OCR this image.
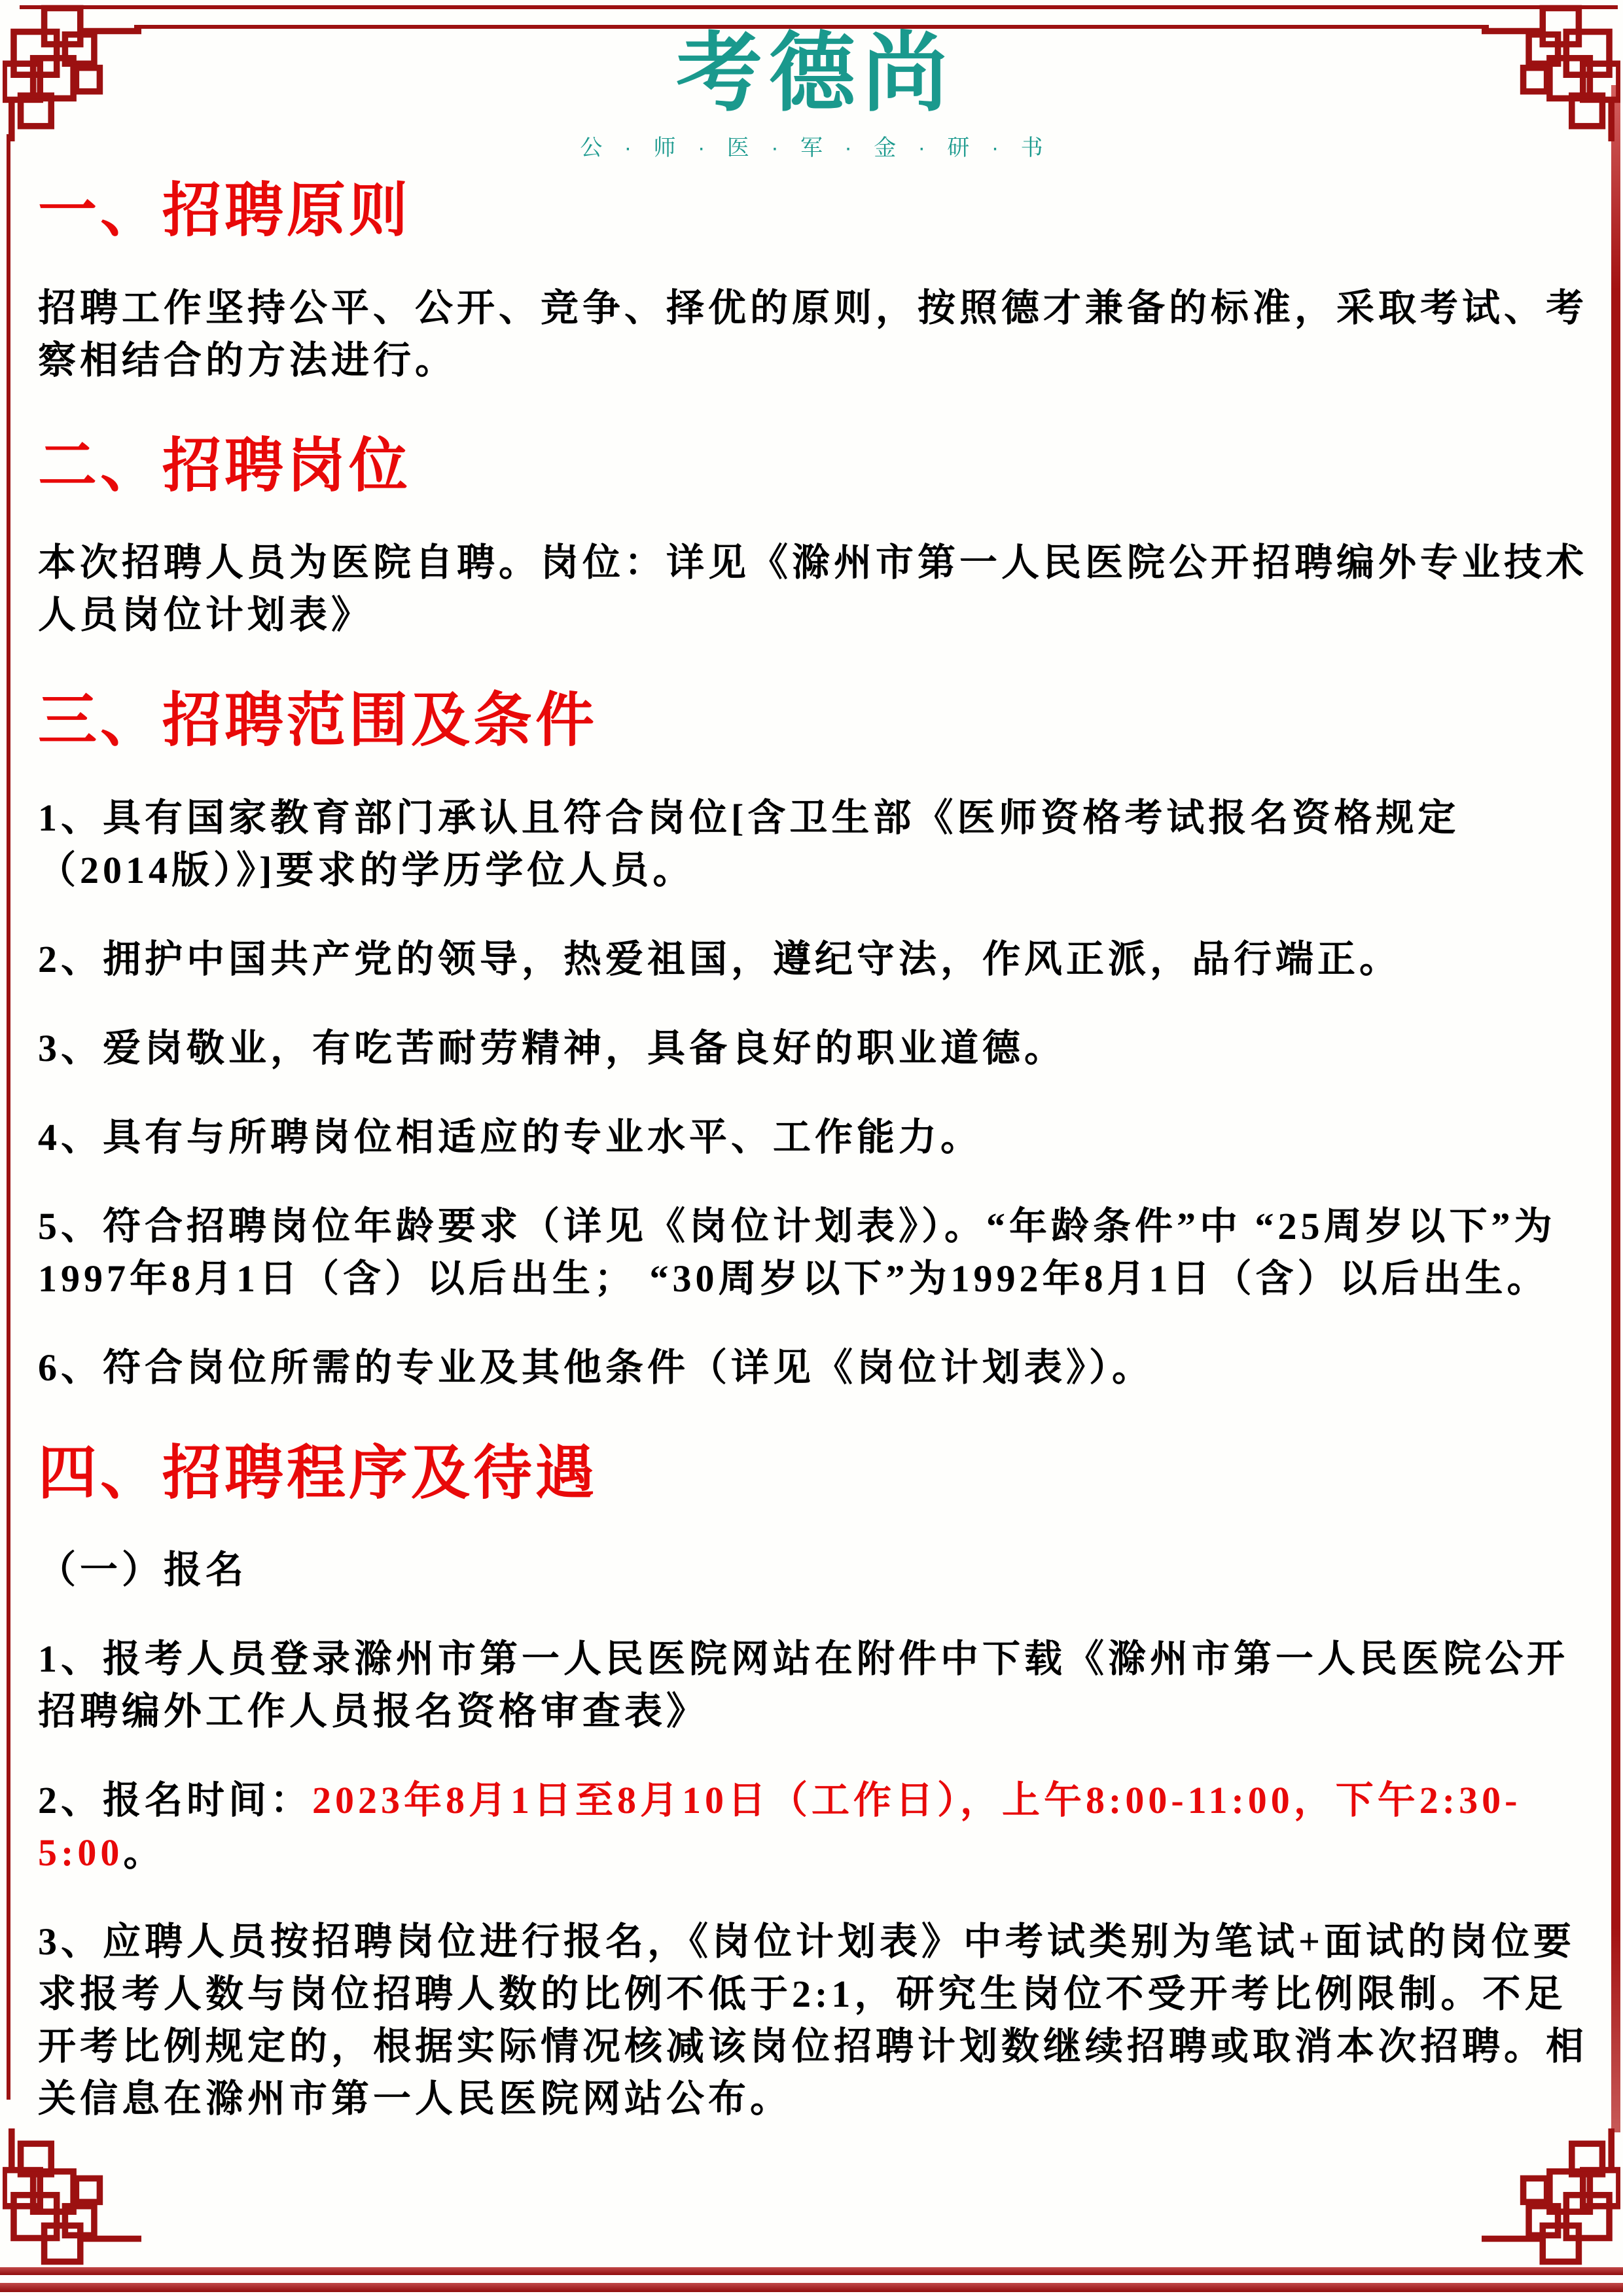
考德尚
公 · 师 · 医 · 军 · 金 · 研 · 书
一、招聘原则

招聘工作坚持公平、公开、竞争、择优的原则，按照德才兼备的标准，采取考试、考察相结合的方法进行。

二、招聘岗位

本次招聘人员为医院自聘。岗位：详见《滁州市第一人民医院公开招聘编外专业技术人员岗位计划表》

三、招聘范围及条件

1、具有国家教育部门承认且符合岗位[含卫生部《医师资格考试报名资格规定（2014版）》]要求的学历学位人员。

2、拥护中国共产党的领导，热爱祖国，遵纪守法，作风正派，品行端正。

3、爱岗敬业，有吃苦耐劳精神，具备良好的职业道德。

4、具有与所聘岗位相适应的专业水平、工作能力。

5、符合招聘岗位年龄要求（详见《岗位计划表》）。“年龄条件”中 “25周岁以下”为1997年8月1日（含）以后出生； “30周岁以下”为1992年8月1日（含）以后出生。

6、符合岗位所需的专业及其他条件（详见《岗位计划表》）。

四、招聘程序及待遇

（一）报名

1、报考人员登录滁州市第一人民医院网站在附件中下载《滁州市第一人民医院公开招聘编外工作人员报名资格审查表》

2、报名时间：2023年8月1日至8月10日（工作日），上午8:00-11:00，下午2:30-5:00。

3、应聘人员按招聘岗位进行报名，《岗位计划表》中考试类别为笔试+面试的岗位要求报考人数与岗位招聘人数的比例不低于2:1，研究生岗位不受开考比例限制。不足开考比例规定的，根据实际情况核减该岗位招聘计划数继续招聘或取消本次招聘。相关信息在滁州市第一人民医院网站公布。
